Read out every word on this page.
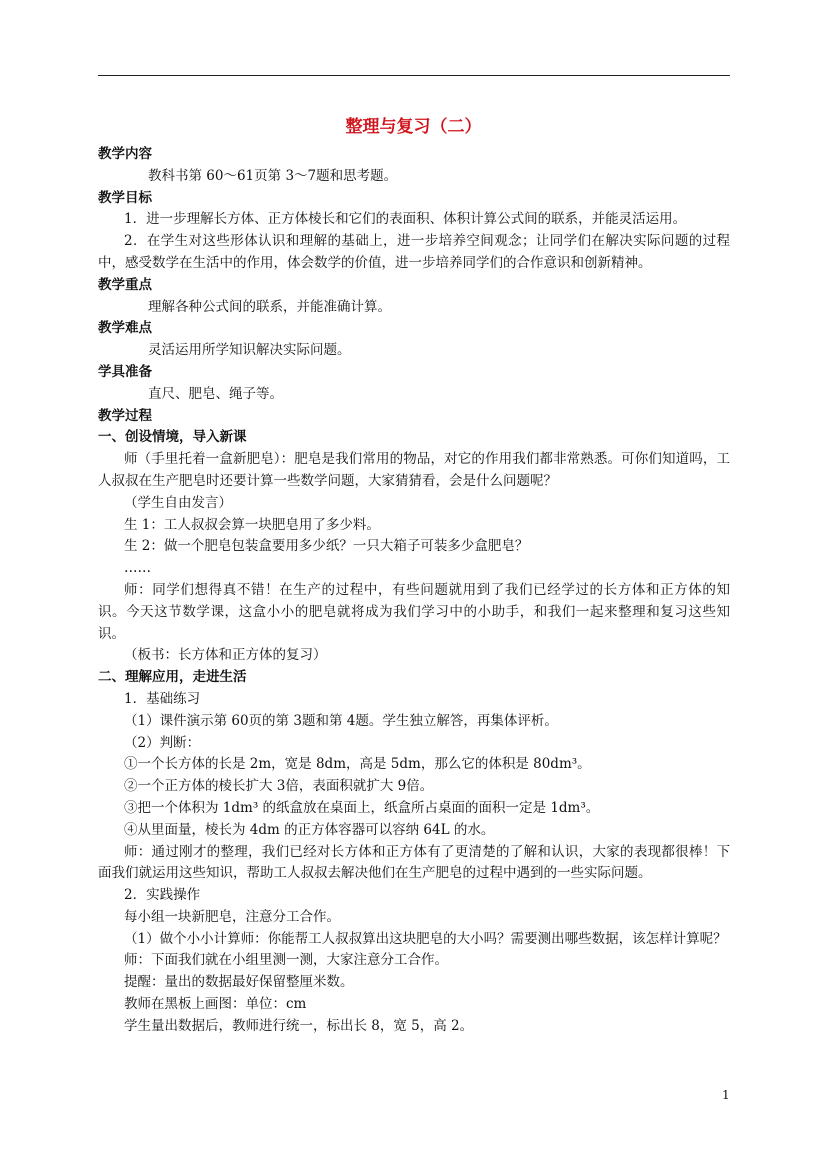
整理与复习（二）
教学内容
教科书第 60～61页第 3～7题和思考题。
教学目标
1．进一步理解长方体、正方体棱长和它们的表面积、体积计算公式间的联系，并能灵活运用。
2．在学生对这些形体认识和理解的基础上，进一步培养空间观念；让同学们在解决实际问题的过程中，感受数学在生活中的作用，体会数学的价值，进一步培养同学们的合作意识和创新精神。
教学重点
理解各种公式间的联系，并能准确计算。
教学难点
灵活运用所学知识解决实际问题。
学具准备
直尺、肥皂、绳子等。
教学过程
一、创设情境，导入新课
师（手里托着一盒新肥皂）：肥皂是我们常用的物品，对它的作用我们都非常熟悉。可你们知道吗，工人叔叔在生产肥皂时还要计算一些数学问题，大家猜猜看，会是什么问题呢？
（学生自由发言）
生 1：工人叔叔会算一块肥皂用了多少料。
生 2：做一个肥皂包装盒要用多少纸？一只大箱子可装多少盒肥皂？
……
师：同学们想得真不错！在生产的过程中，有些问题就用到了我们已经学过的长方体和正方体的知识。今天这节数学课，这盒小小的肥皂就将成为我们学习中的小助手，和我们一起来整理和复习这些知识。
（板书：长方体和正方体的复习）
二、理解应用，走进生活
1．基础练习
（1）课件演示第 60页的第 3题和第 4题。学生独立解答，再集体评析。
（2）判断：
①一个长方体的长是 2m，宽是 8dm，高是 5dm，那么它的体积是 80dm³。
②一个正方体的棱长扩大 3倍，表面积就扩大 9倍。
③把一个体积为 1dm³ 的纸盒放在桌面上，纸盒所占桌面的面积一定是 1dm³。
④从里面量，棱长为 4dm 的正方体容器可以容纳 64L 的水。
师：通过刚才的整理，我们已经对长方体和正方体有了更清楚的了解和认识，大家的表现都很棒！下面我们就运用这些知识，帮助工人叔叔去解决他们在生产肥皂的过程中遇到的一些实际问题。
2．实践操作
每小组一块新肥皂，注意分工合作。
（1）做个小小计算师：你能帮工人叔叔算出这块肥皂的大小吗？需要测出哪些数据，该怎样计算呢？
师：下面我们就在小组里测一测，大家注意分工合作。
提醒：量出的数据最好保留整厘米数。
教师在黑板上画图：单位：cm
学生量出数据后，教师进行统一，标出长 8，宽 5，高 2。
1
